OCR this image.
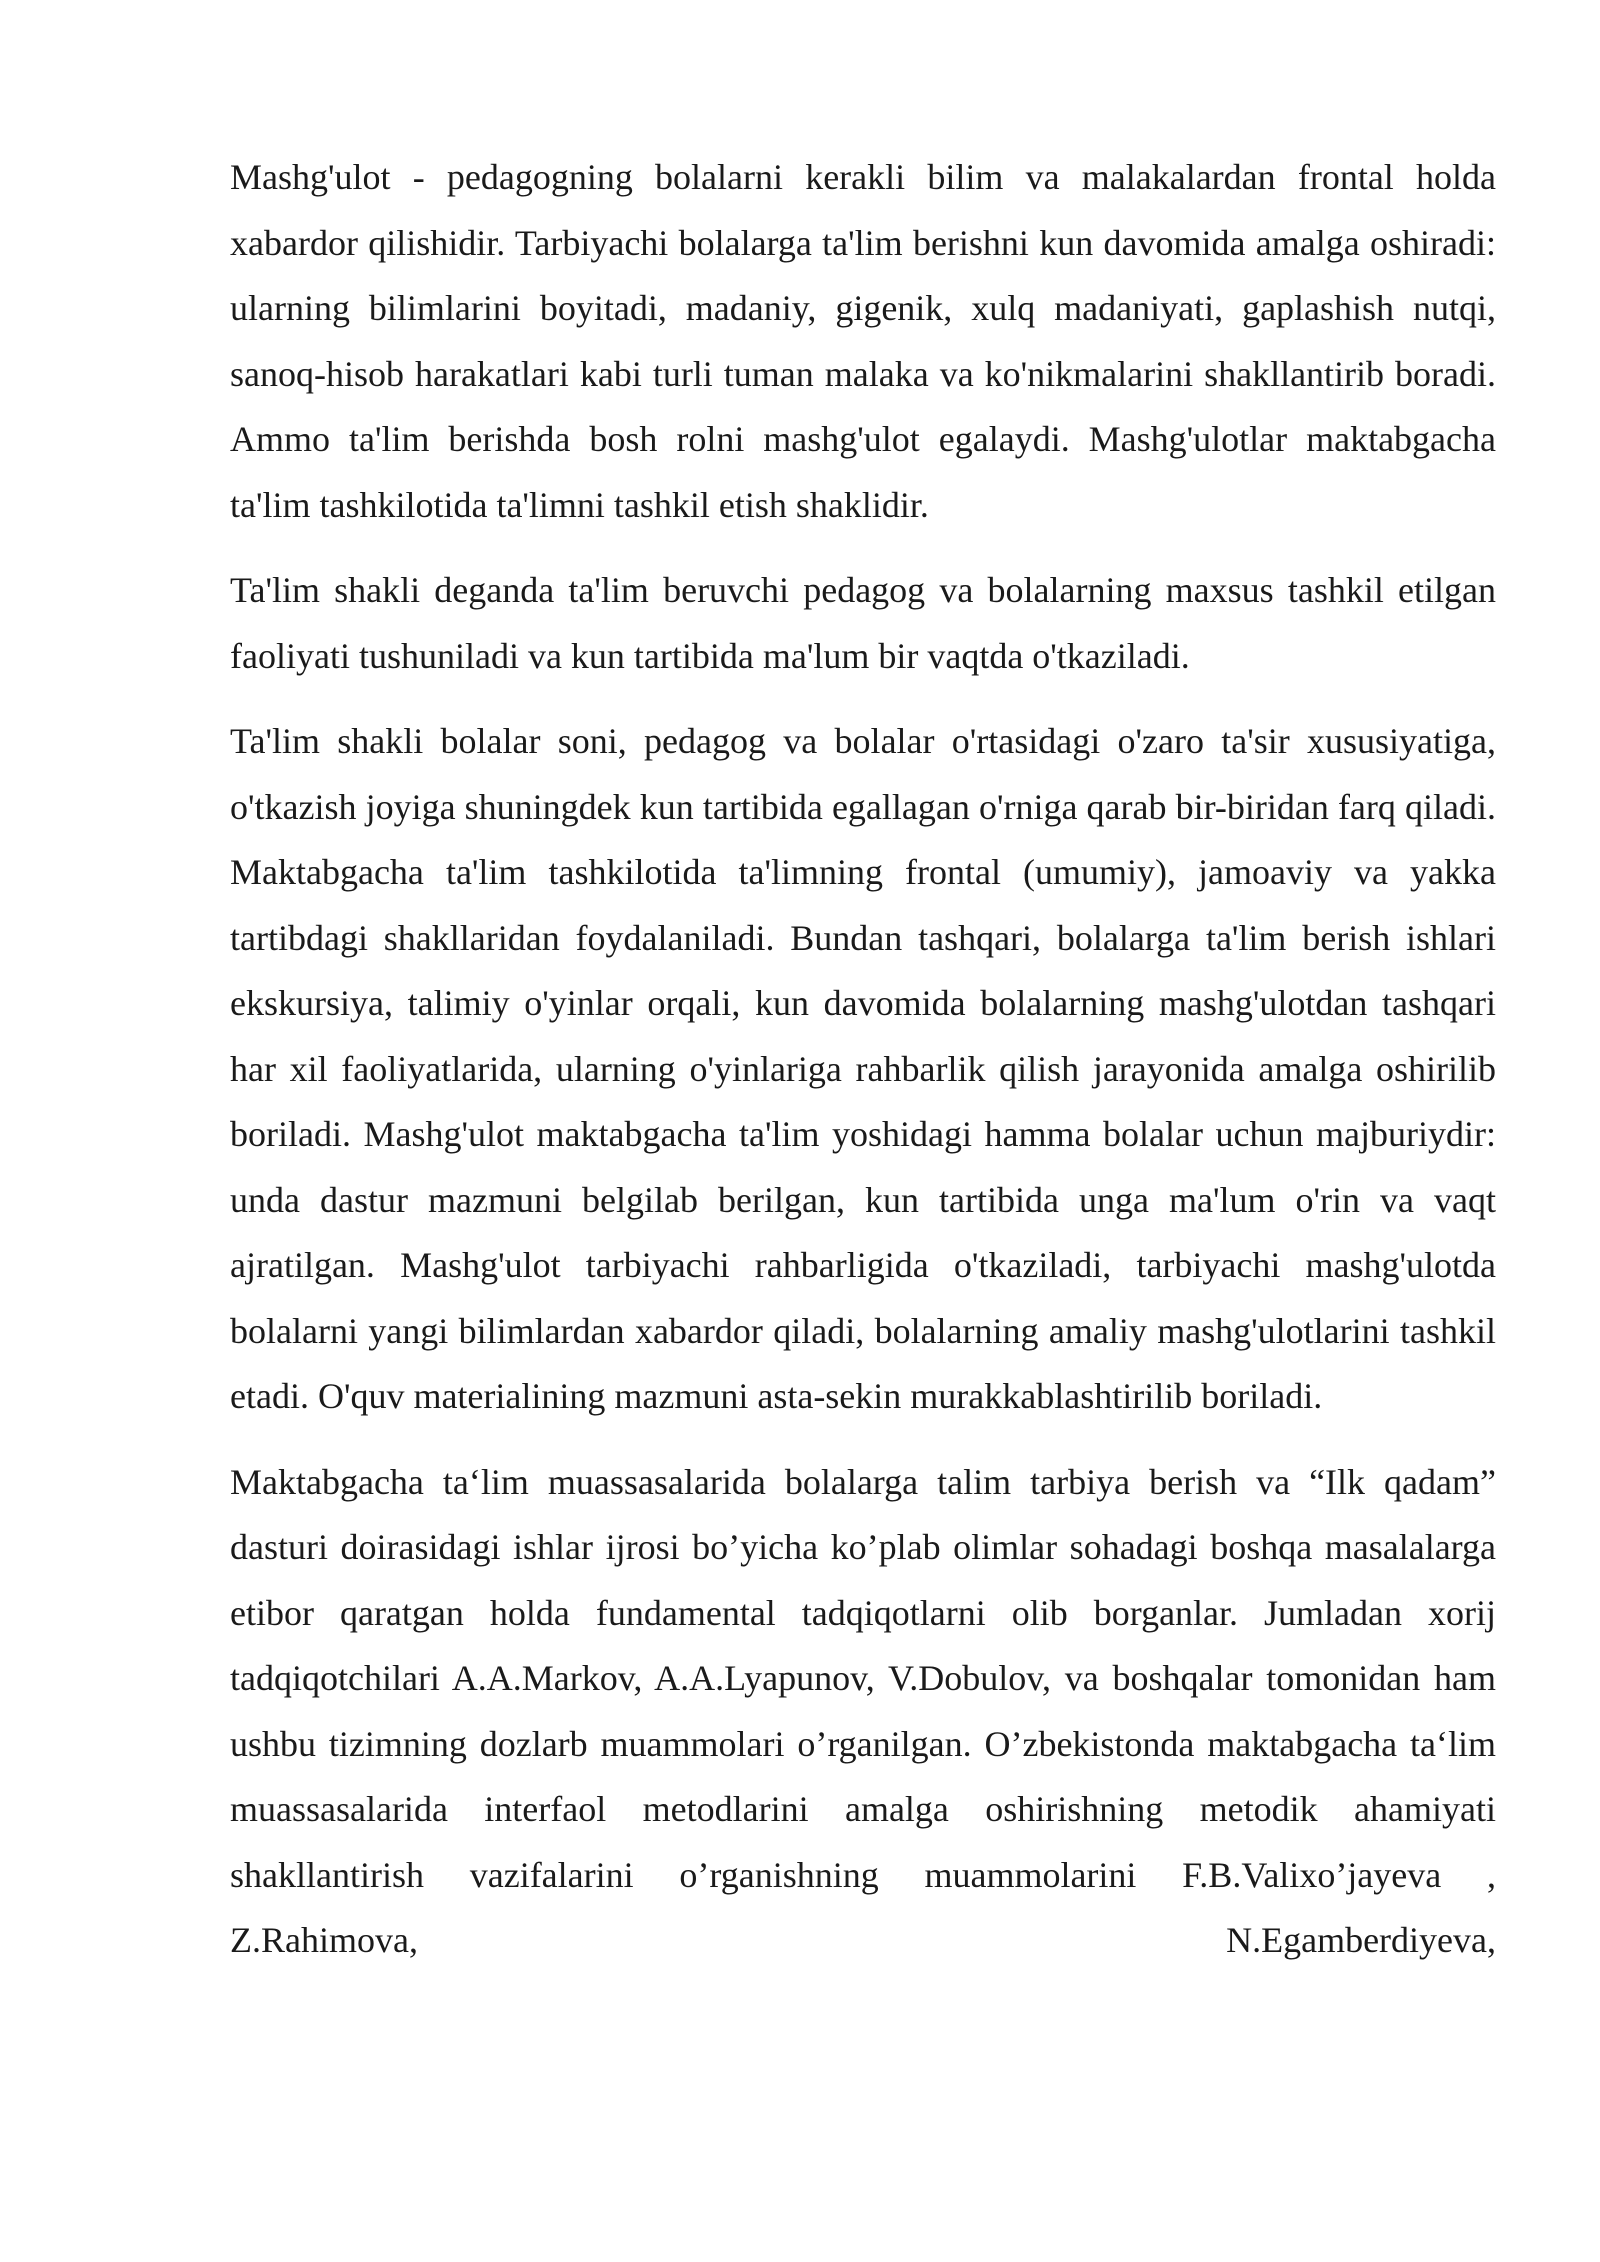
Mashg'ulot - pedagogning bolalarni kerakli bilim va malakalardan frontal holda xabardor qilishidir. Tarbiyachi bolalarga ta'lim berishni kun davomida amalga oshiradi: ularning bilimlarini boyitadi, madaniy, gigenik, xulq madaniyati, gaplashish nutqi, sanoq-hisob harakatlari kabi turli tuman malaka va ko'nikmalarini shakllantirib boradi. Ammo ta'lim berishda bosh rolni mashg'ulot egalaydi. Mashg'ulotlar maktabgacha ta'lim tashkilotida ta'limni tashkil etish shaklidir.

Ta'lim shakli deganda ta'lim beruvchi pedagog va bolalarning maxsus tashkil etilgan faoliyati tushuniladi va kun tartibida ma'lum bir vaqtda o'tkaziladi.

Ta'lim shakli bolalar soni, pedagog va bolalar o'rtasidagi o'zaro ta'sir xususiyatiga, o'tkazish joyiga shuningdek kun tartibida egallagan o'rniga qarab bir-biridan farq qiladi. Maktabgacha ta'lim tashkilotida ta'limning frontal (umumiy), jamoaviy va yakka tartibdagi shakllaridan foydalaniladi. Bundan tashqari, bolalarga ta'lim berish ishlari ekskursiya, talimiy o'yinlar orqali, kun davomida bolalarning mashg'ulotdan tashqari har xil faoliyatlarida, ularning o'yinlariga rahbarlik qilish jarayonida amalga oshirilib boriladi. Mashg'ulot maktabgacha ta'lim yoshidagi hamma bolalar uchun majburiydir: unda dastur mazmuni belgilab berilgan, kun tartibida unga ma'lum o'rin va vaqt ajratilgan. Mashg'ulot tarbiyachi rahbarligida o'tkaziladi, tarbiyachi mashg'ulotda bolalarni yangi bilimlardan xabardor qiladi, bolalarning amaliy mashg'ulotlarini tashkil etadi. O'quv materialining mazmuni asta-sekin murakkablashtirilib boriladi.

Maktabgacha ta‘lim muassasalarida bolalarga talim tarbiya berish va “Ilk qadam” dasturi doirasidagi ishlar ijrosi bo’yicha ko’plab olimlar sohadagi boshqa masalalarga etibor qaratgan holda fundamental tadqiqotlarni olib borganlar. Jumladan xorij tadqiqotchilari A.A.Markov, A.A.Lyapunov, V.Dobulov, va boshqalar tomonidan ham ushbu tizimning dozlarb muammolari o’rganilgan. O’zbekistonda maktabgacha ta‘lim muassasalarida interfaol metodlarini amalga oshirishning metodik ahamiyati shakllantirish vazifalarini o’rganishning muammolarini F.B.Valixo’jayeva , Z.Rahimova, N.Egamberdiyeva,
